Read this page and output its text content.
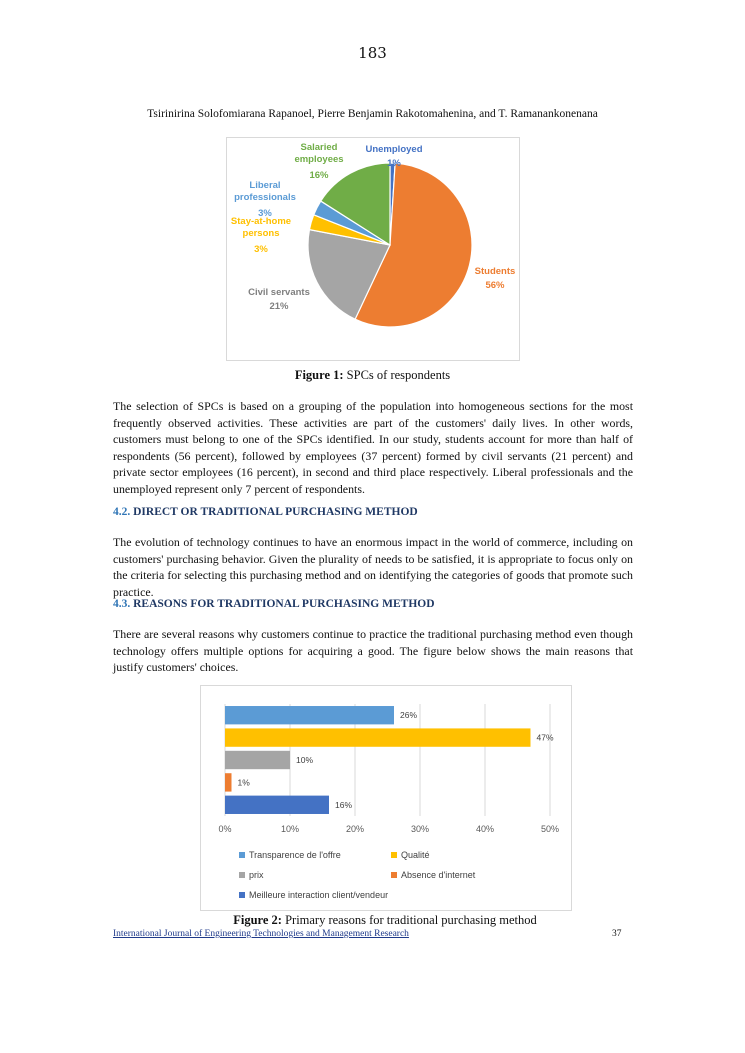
183
Tsirinirina Solofomiarana Rapanoel, Pierre Benjamin Rakotomahenina, and T. Ramanankonenana
Unemployed
1%
Students
56%
Civil servants
21%
Stay-at-home persons
3%
Liberal professionals
3%
Salaried employees
16%
Figure 1: SPCs of respondents
The selection of SPCs is based on a grouping of the population into homogeneous sections for the most frequently observed activities. These activities are part of the customers' daily lives. In other words, customers must belong to one of the SPCs identified. In our study, students account for more than half of respondents (56 percent), followed by employees (37 percent) formed by civil servants (21 percent) and private sector employees (16 percent), in second and third place respectively. Liberal professionals and the unemployed represent only 7 percent of respondents.
4.2. DIRECT OR TRADITIONAL PURCHASING METHOD
The evolution of technology continues to have an enormous impact in the world of commerce, including on customers' purchasing behavior. Given the plurality of needs to be satisfied, it is appropriate to focus only on the criteria for selecting this purchasing method and on identifying the categories of goods that promote such practice.
4.3. REASONS FOR TRADITIONAL PURCHASING METHOD
There are several reasons why customers continue to practice the traditional purchasing method even though technology offers multiple options for acquiring a good. The figure below shows the main reasons that justify customers' choices.
0%	10%	20%	30%	40%	50%
26%
47%
10%
1%
16%
Transparence de l'offre	Qualité
prix	Absence d'internet
Meilleure interaction client/vendeur
Figure 2: Primary reasons for traditional purchasing method
International Journal of Engineering Technologies and Management Research	37
